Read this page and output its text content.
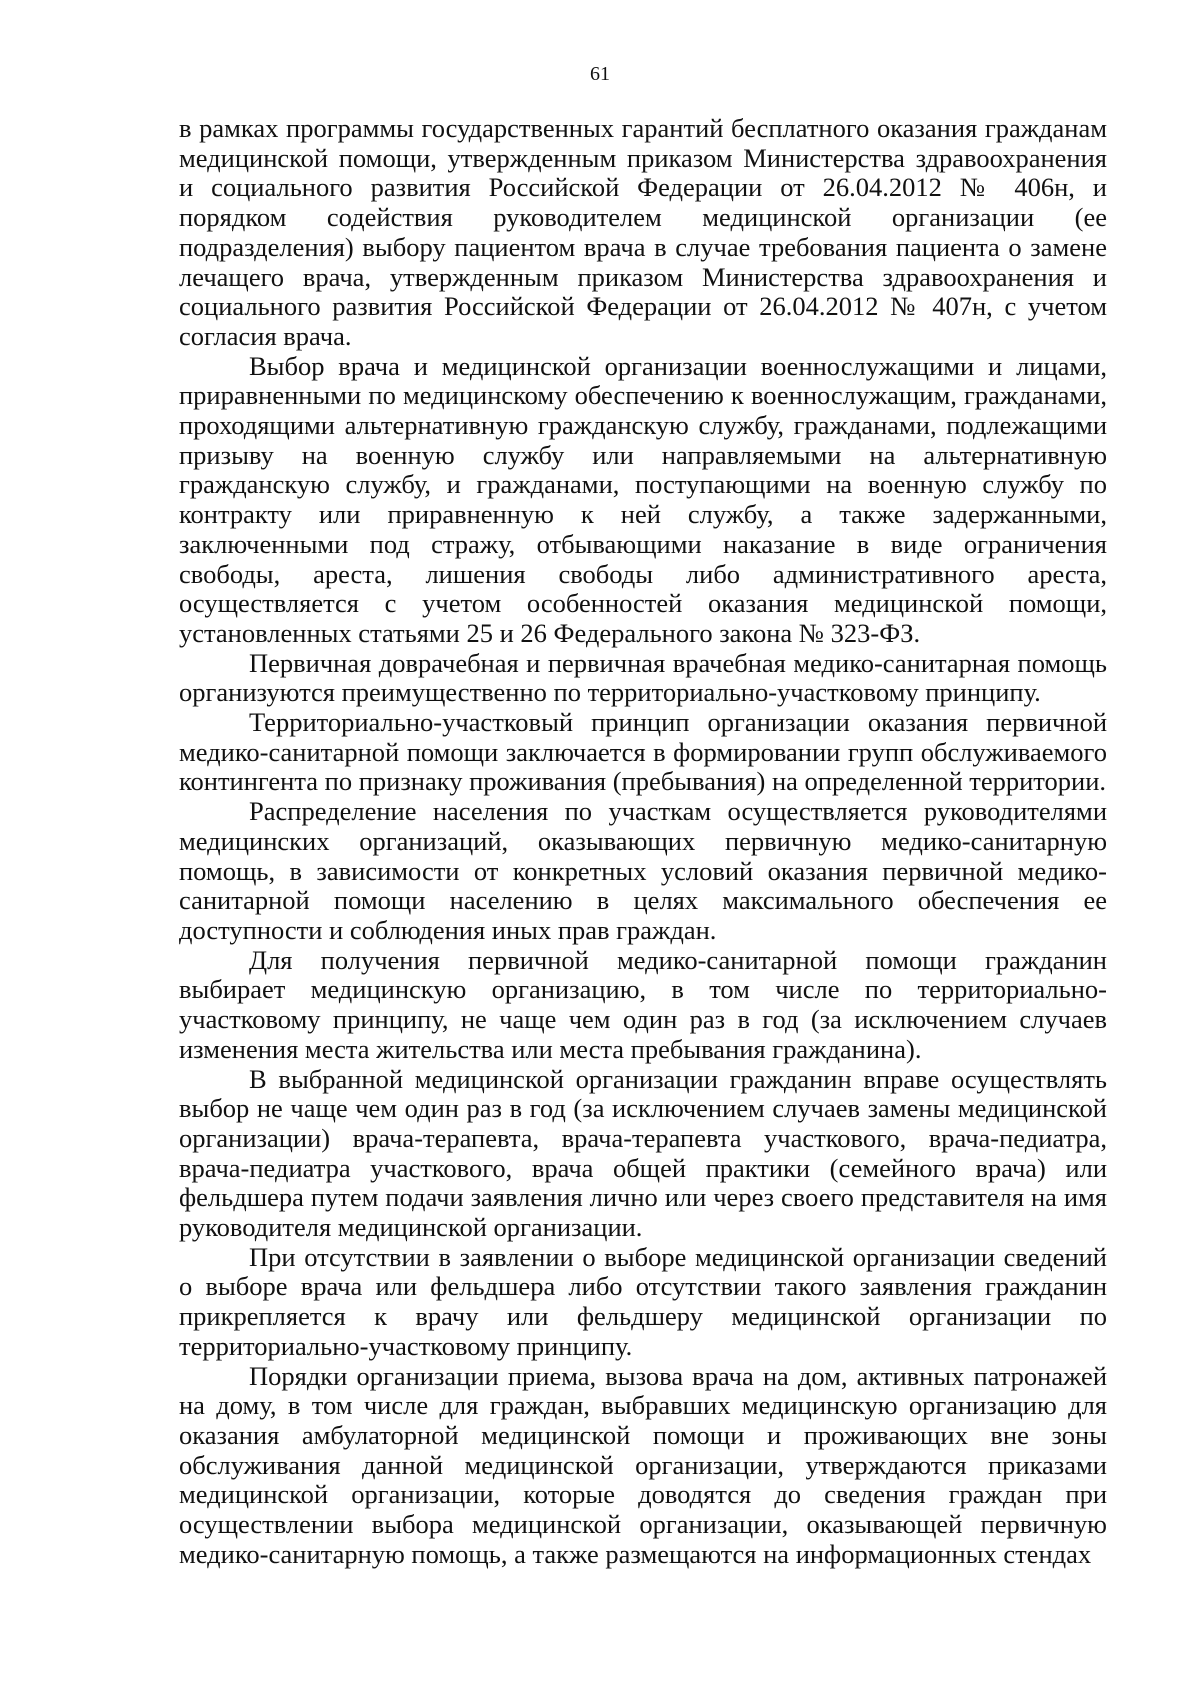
61

в рамках программы государственных гарантий бесплатного оказания гражданам медицинской помощи, утвержденным приказом Министерства здравоохранения и социального развития Российской Федерации от 26.04.2012 № 406н, и порядком содействия руководителем медицинской организации (ее подразделения) выбору пациентом врача в случае требования пациента о замене лечащего врача, утвержденным приказом Министерства здравоохранения и социального развития Российской Федерации от 26.04.2012 № 407н, с учетом согласия врача.

Выбор врача и медицинской организации военнослужащими и лицами, приравненными по медицинскому обеспечению к военнослужащим, гражданами, проходящими альтернативную гражданскую службу, гражданами, подлежащими призыву на военную службу или направляемыми на альтернативную гражданскую службу, и гражданами, поступающими на военную службу по контракту или приравненную к ней службу, а также задержанными, заключенными под стражу, отбывающими наказание в виде ограничения свободы, ареста, лишения свободы либо административного ареста, осуществляется с учетом особенностей оказания медицинской помощи, установленных статьями 25 и 26 Федерального закона № 323-ФЗ.

Первичная доврачебная и первичная врачебная медико-санитарная помощь организуются преимущественно по территориально-участковому принципу.

Территориально-участковый принцип организации оказания первичной медико-санитарной помощи заключается в формировании групп обслуживаемого контингента по признаку проживания (пребывания) на определенной территории.

Распределение населения по участкам осуществляется руководителями медицинских организаций, оказывающих первичную медико-санитарную помощь, в зависимости от конкретных условий оказания первичной медико-санитарной помощи населению в целях максимального обеспечения ее доступности и соблюдения иных прав граждан.

Для получения первичной медико-санитарной помощи гражданин выбирает медицинскую организацию, в том числе по территориально-участковому принципу, не чаще чем один раз в год (за исключением случаев изменения места жительства или места пребывания гражданина).

В выбранной медицинской организации гражданин вправе осуществлять выбор не чаще чем один раз в год (за исключением случаев замены медицинской организации) врача-терапевта, врача-терапевта участкового, врача-педиатра, врача-педиатра участкового, врача общей практики (семейного врача) или фельдшера путем подачи заявления лично или через своего представителя на имя руководителя медицинской организации.

При отсутствии в заявлении о выборе медицинской организации сведений о выборе врача или фельдшера либо отсутствии такого заявления гражданин прикрепляется к врачу или фельдшеру медицинской организации по территориально-участковому принципу.

Порядки организации приема, вызова врача на дом, активных патронажей на дому, в том числе для граждан, выбравших медицинскую организацию для оказания амбулаторной медицинской помощи и проживающих вне зоны обслуживания данной медицинской организации, утверждаются приказами медицинской организации, которые доводятся до сведения граждан при осуществлении выбора медицинской организации, оказывающей первичную медико-санитарную помощь, а также размещаются на информационных стендах
